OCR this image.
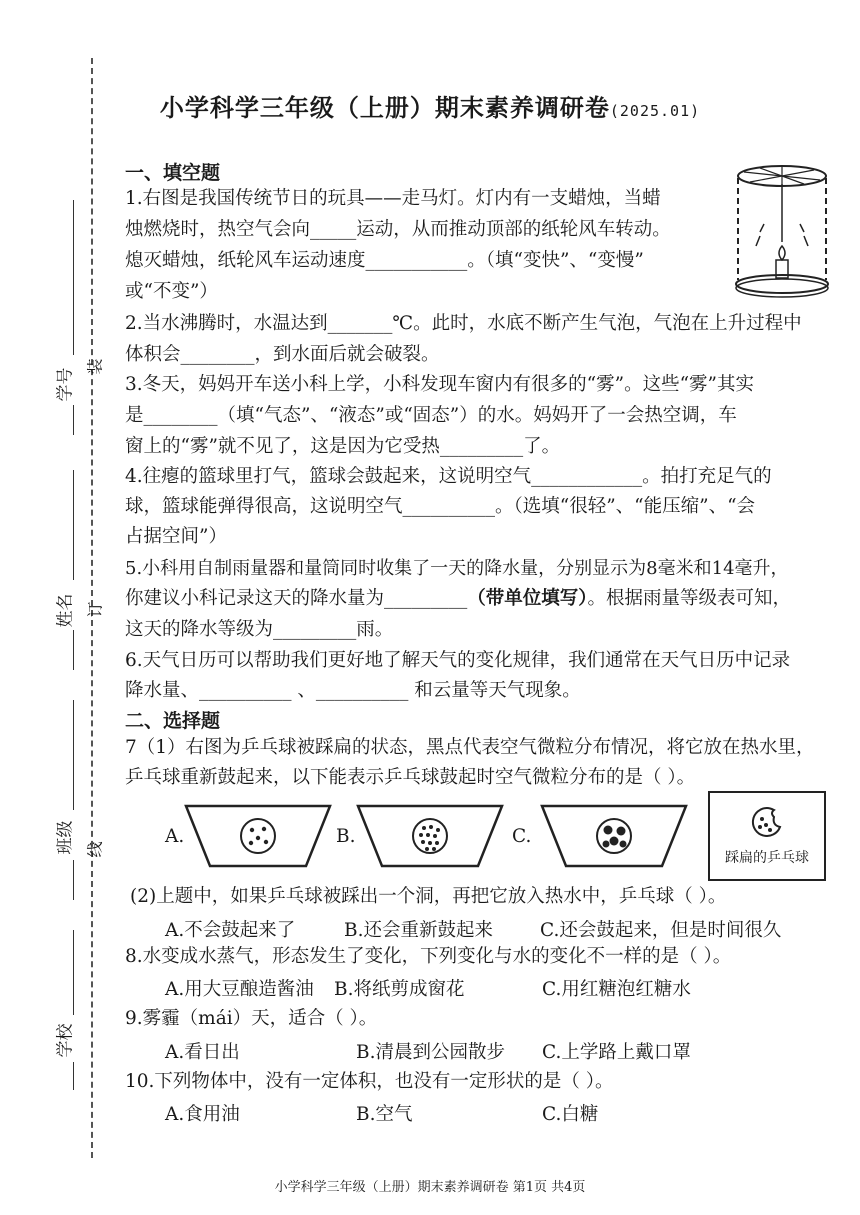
学号
姓名
班级
学校
装
订
线
小学科学三年级（上册）期末素养调研卷(2025.01)
一、填空题
1.右图是我国传统节日的玩具——走马灯。灯内有一支蜡烛，当蜡
烛燃烧时，热空气会向_____运动，从而推动顶部的纸轮风车转动。
熄灭蜡烛，纸轮风车运动速度___________。（填“变快”、“变慢”
或“不变”）
2.当水沸腾时，水温达到_______℃。此时，水底不断产生气泡，气泡在上升过程中
体积会________，到水面后就会破裂。
3.冬天，妈妈开车送小科上学，小科发现车窗内有很多的“雾”。这些“雾”其实
是________（填“气态”、“液态”或“固态”）的水。妈妈开了一会热空调，车
窗上的“雾”就不见了，这是因为它受热_________了。
4.往瘪的篮球里打气，篮球会鼓起来，这说明空气____________。拍打充足气的
球，篮球能弹得很高，这说明空气__________。（选填“很轻”、“能压缩”、“会
占据空间”）
5.小科用自制雨量器和量筒同时收集了一天的降水量，分别显示为8毫米和14毫升，
你建议小科记录这天的降水量为_________（带单位填写）。根据雨量等级表可知，
这天的降水等级为_________雨。
6.天气日历可以帮助我们更好地了解天气的变化规律，我们通常在天气日历中记录
降水量、__________ 、__________ 和云量等天气现象。
二、选择题
7（1）右图为乒乓球被踩扁的状态，黑点代表空气微粒分布情况，将它放在热水里，
乒乓球重新鼓起来，以下能表示乒乓球鼓起时空气微粒分布的是（ ）。
A.	B.	C.
踩扁的乒乓球
(2)上题中，如果乒乓球被踩出一个洞，再把它放入热水中，乒乓球（ ）。
A.不会鼓起来了	B.还会重新鼓起来	C.还会鼓起来，但是时间很久
8.水变成水蒸气，形态发生了变化，下列变化与水的变化不一样的是（ ）。
A.用大豆酿造酱油 B.将纸剪成窗花	C.用红糖泡红糖水
9.雾霾（mái）天，适合（ ）。
A.看日出	B.清晨到公园散步 C.上学路上戴口罩
10.下列物体中，没有一定体积，也没有一定形状的是（ ）。
A.食用油	B.空气	C.白糖
小学科学三年级（上册）期末素养调研卷 第1页 共4页
